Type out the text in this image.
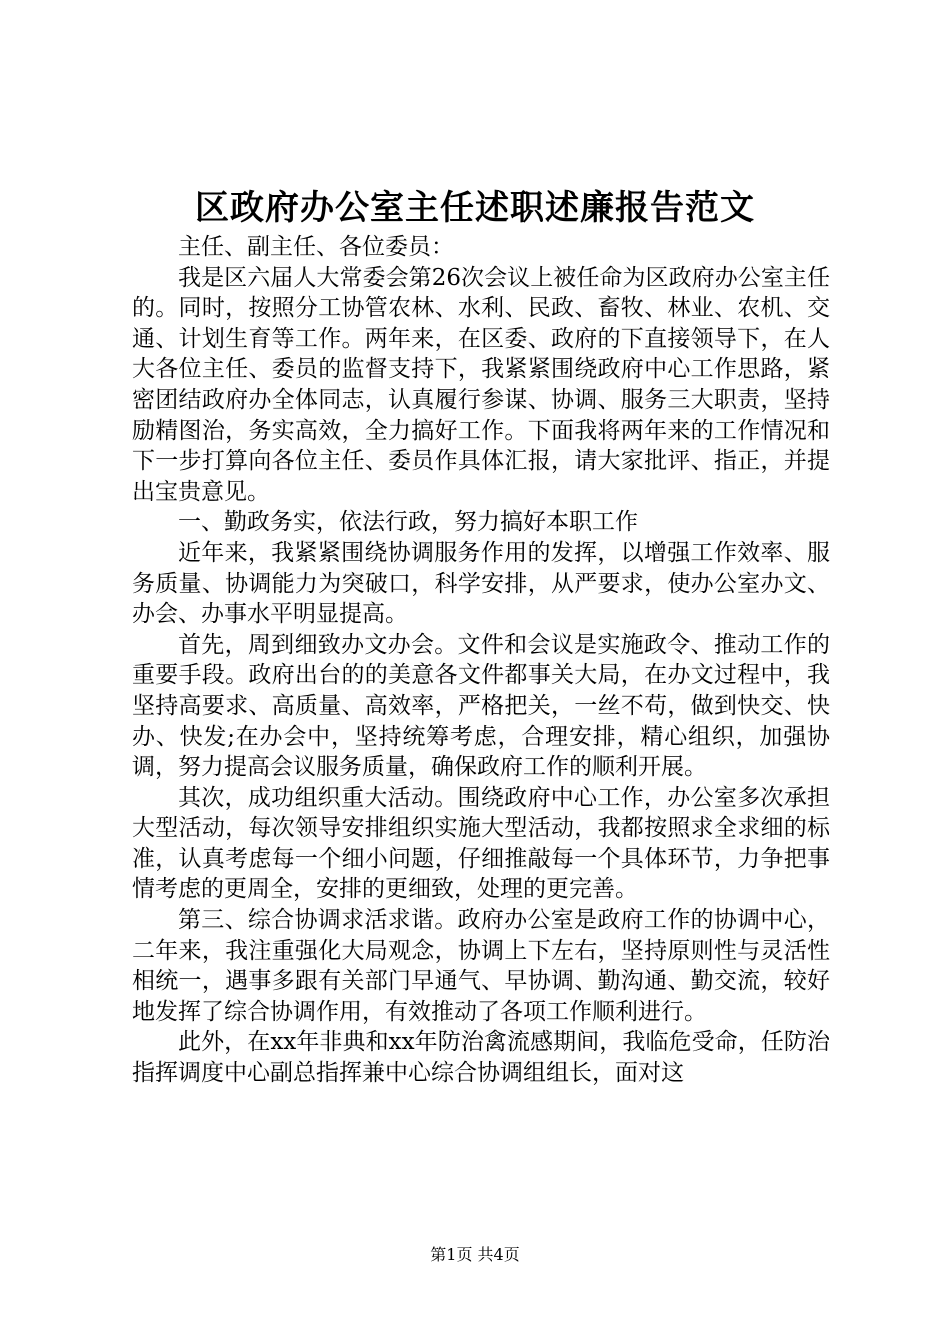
区政府办公室主任述职述廉报告范文

主任、副主任、各位委员：

我是区六届人大常委会第26次会议上被任命为区政府办公室主任的。同时，按照分工协管农林、水利、民政、畜牧、林业、农机、交通、计划生育等工作。两年来，在区委、政府的下直接领导下，在人大各位主任、委员的监督支持下，我紧紧围绕政府中心工作思路，紧密团结政府办全体同志，认真履行参谋、协调、服务三大职责，坚持励精图治，务实高效，全力搞好工作。下面我将两年来的工作情况和下一步打算向各位主任、委员作具体汇报，请大家批评、指正，并提出宝贵意见。

一、勤政务实，依法行政，努力搞好本职工作

近年来，我紧紧围绕协调服务作用的发挥，以增强工作效率、服务质量、协调能力为突破口，科学安排，从严要求，使办公室办文、办会、办事水平明显提高。

首先，周到细致办文办会。文件和会议是实施政令、推动工作的重要手段。政府出台的的美意各文件都事关大局，在办文过程中，我坚持高要求、高质量、高效率，严格把关，一丝不苟，做到快交、快办、快发;在办会中，坚持统筹考虑，合理安排，精心组织，加强协调，努力提高会议服务质量，确保政府工作的顺利开展。

其次，成功组织重大活动。围绕政府中心工作，办公室多次承担大型活动，每次领导安排组织实施大型活动，我都按照求全求细的标准，认真考虑每一个细小问题，仔细推敲每一个具体环节，力争把事情考虑的更周全，安排的更细致，处理的更完善。

第三、综合协调求活求谐。政府办公室是政府工作的协调中心，二年来，我注重强化大局观念，协调上下左右，坚持原则性与灵活性相统一，遇事多跟有关部门早通气、早协调、勤沟通、勤交流，较好地发挥了综合协调作用，有效推动了各项工作顺利进行。

此外，在xx年非典和xx年防治禽流感期间，我临危受命，任防治指挥调度中心副总指挥兼中心综合协调组组长，面对这

第1页 共4页
